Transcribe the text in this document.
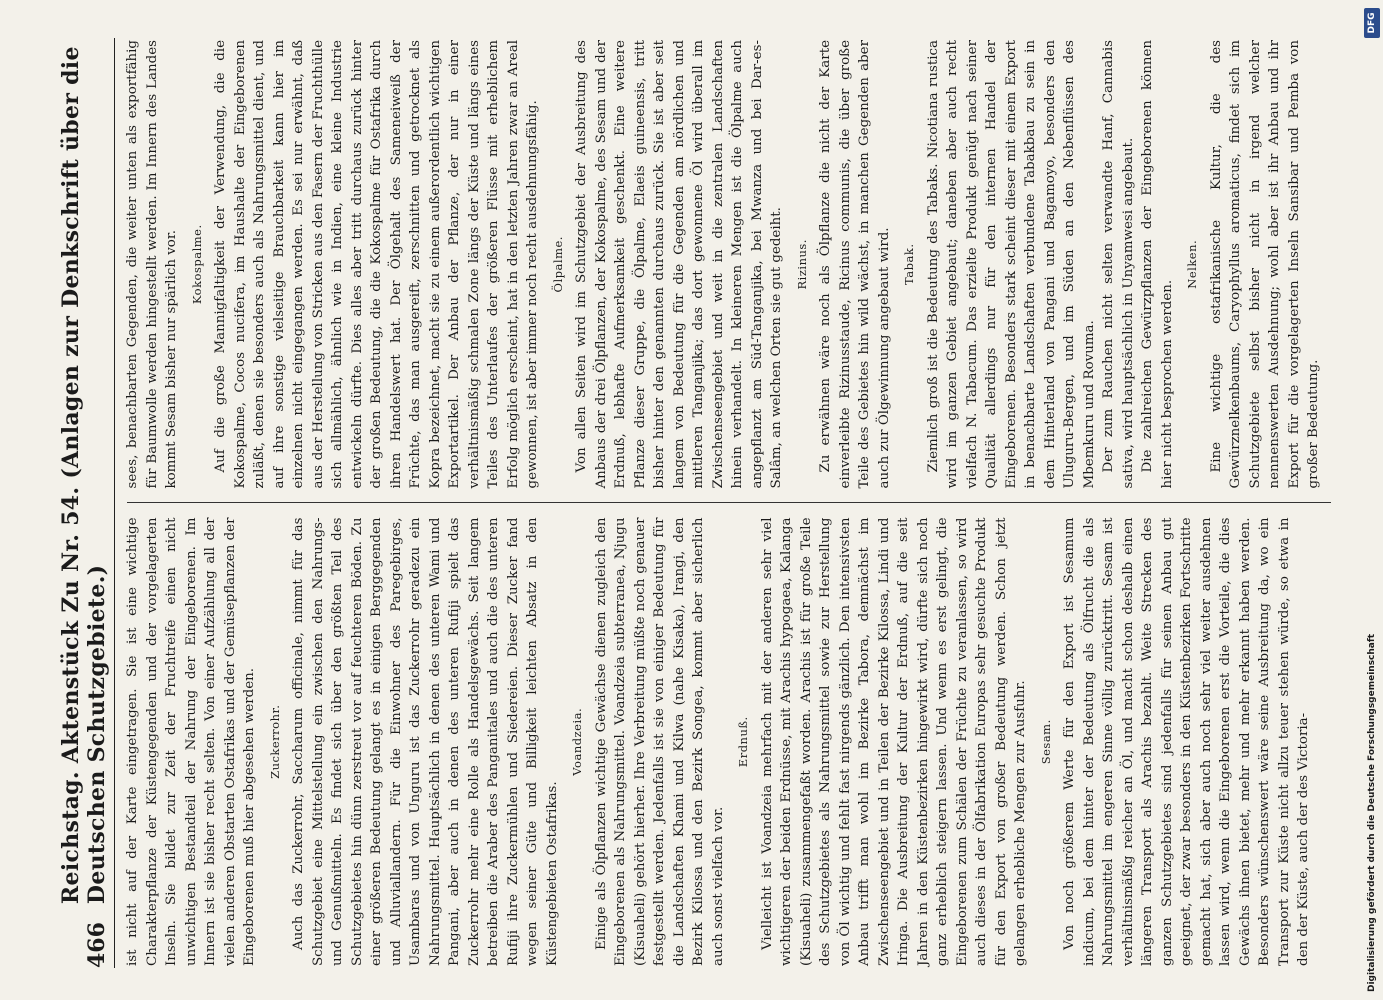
466
Reichstag. Aktenstück Zu Nr. 54. (Anlagen zur Denkschrift über die Deutschen Schutzgebiete.) ist nicht auf der Karte eingetragen. Sie ist eine wichtige Charakterpflanze der Küstengegenden und der vorgelagerten Inseln. Sie bildet zur Zeit der Fruchtreife einen nicht unwichtigen Bestandteil der Nahrung der Eingeborenen. Im Innern ist sie bisher recht selten. Von einer Aufzählung all der vielen anderen Obstarten Ostafrikas und der Gemüsepflanzen der Eingeborenen muß hier abgesehen werden. Zuckerrohr. Auch das Zuckerrohr, Saccharum officinale, nimmt für das Schutzgebiet eine Mittelstellung ein zwischen den Nahrungs- und Genußmitteln. Es findet sich über den größten Teil des Schutzgebietes hin dünn zerstreut vor auf feuchteren Böden. Zu einer größeren Bedeutung gelangt es in einigen Berggegenden und Alluviallandern. Für die Einwohner des Paregebirges, Usambaras und von Unguru ist das Zuckerrohr geradezu ein Nahrungsmittel. Hauptsächlich in denen des unteren Wami und Pangani, aber auch in denen des unteren Rufiji spielt das Zuckerrohr mehr eine Rolle als Handelsgewächs. Seit langem betreiben die Araber des Panganitales und auch die des unteren Rufiji ihre Zuckermühlen und Siedereien. Dieser Zucker fand wegen seiner Güte und Billigkeit leichten Absatz in den Küstengebieten Ostafrikas.

Voandzeia. Einige als Ölpflanzen wichtige Gewächse dienen zugleich den Eingeborenen als Nahrungsmittel. Voandzeia subterranea, Njugu (Kisuaheli) gehört hierher. Ihre Verbreitung müßte noch genauer festgestellt werden. Jedenfalls ist sie von einiger Bedeutung für die Landschaften Khami und Kilwa (nahe Kisaka), Irangi, den Bezirk Kilossa und den Bezirk Songea, kommt aber sicherlich auch sonst vielfach vor.

Erdnuß. Vielleicht ist Voandzeia mehrfach mit der anderen sehr viel wichtigeren der beiden Erdnüsse, mit Arachis hypogaea, Kalanga (Kisuaheli) zusammengefaßt worden. Arachis ist für große Teile des Schutzgebietes als Nahrungsmittel sowie zur Herstellung von Öl wichtig und fehlt fast nirgends gänzlich. Den intensivsten Anbau trifft man wohl im Bezirke Tabora, demnächst im Zwischenseengebiet und in Teilen der Bezirke Kilossa, Lindi und Iringa. Die Ausbreitung der Kultur der Erdnuß, auf die seit Jahren in den Küstenbezirken hingewirkt wird, dürfte sich noch ganz erheblich steigern lassen. Und wenn es erst gelingt, die Eingeborenen zum Schälen der Früchte zu veranlassen, so wird auch dieses in der Ölfabrikation Europas sehr gesuchte Produkt für den Export von großer Bedeutung werden. Schon jetzt gelangen erhebliche Mengen zur Ausfuhr. Sesam. Von noch größerem Werte für den Export ist Sesamum indicum, bei dem hinter der Bedeutung als Ölfrucht die als Nahrungsmittel im engeren Sinne völlig zurücktritt. Sesam ist verhältnismäßig reicher an Öl, und macht schon deshalb einen längeren Transport als Arachis bezahlt. Weite Strecken des ganzen Schutzgebietes sind jedenfalls für seinen Anbau gut geeignet, der zwar besonders in den Küstenbezirken Fortschritte gemacht hat, sich aber auch noch sehr viel weiter ausdehnen lassen wird, wenn die Eingeborenen erst die Vorteile, die dies Gewächs ihnen bietet, mehr und mehr erkannt haben werden. Besonders wünschenswert wäre seine Ausbreitung da, wo ein Transport zur Küste nicht allzu teuer stehen würde, so etwa in den der Küste, auch der des Victoria-

sees, benachbarten Gegenden, die weiter unten als exportfähig für Baumwolle werden hingestellt werden. Im Innern des Landes kommt Sesam bisher nur spärlich vor. Kokospalme. Auf die große Mannigfaltigkeit der Verwendung, die die Kokospalme, Cocos nucifera, im Haushalte der Eingeborenen zuläßt, denen sie besonders auch als Nahrungsmittel dient, und auf ihre sonstige vielseitige Brauchbarkeit kann hier im einzelnen nicht eingegangen werden. Es sei nur erwähnt, daß aus der Herstellung von Stricken aus den Fasern der Fruchthülle sich allmählich, ähnlich wie in Indien, eine kleine Industrie entwickeln dürfte. Dies alles aber tritt durchaus zurück hinter der großen Bedeutung, die die Kokospalme für Ostafrika durch ihren Handelswert hat. Der Ölgehalt des Sameneiweiß der Früchte, das man ausgereift, zerschnitten und getrocknet als Kopra bezeichnet, macht sie zu einem außerordentlich wichtigen Exportartikel. Der Anbau der Pflanze, der nur in einer verhältnismäßig schmalen Zone längs der Küste und längs eines Teiles des Unterlaufes der größeren Flüsse mit erheblichem Erfolg möglich erscheint, hat in den letzten Jahren zwar an Areal gewonnen, ist aber immer noch recht ausdehnungsfähig. Ölpalme. Von allen Seiten wird im Schutzgebiet der Ausbreitung des Anbaus der drei Ölpflanzen, der Kokospalme, des Sesam und der Erdnuß, lebhafte Aufmerksamkeit geschenkt. Eine weitere Pflanze dieser Gruppe, die Ölpalme, Elaeis guineensis, tritt bisher hinter den genannten durchaus zurück. Sie ist aber seit langem von Bedeutung für die Gegenden am nördlichen und mittleren Tanganjika; das dort gewonnene Öl wird überall im Zwischenseengebiet und weit in die zentralen Landschaften hinein verhandelt. In kleineren Mengen ist die Ölpalme auch angepflanzt am Süd-Tanganjika, bei Mwanza und bei Dar-es-Salâm, an welchen Orten sie gut gedeiht. Rizinus. Zu erwähnen wäre noch als Ölpflanze die nicht der Karte einverleibte Rizinusstaude, Ricinus communis, die über große Teile des Gebietes hin wild wächst, in manchen Gegenden aber auch zur Ölgewinnung angebaut wird. Tabak. Ziemlich groß ist die Bedeutung des Tabaks. Nicotiana rustica wird im ganzen Gebiet angebaut; daneben aber auch recht vielfach N. Tabacum. Das erzielte Produkt genügt nach seiner Qualität allerdings nur für den internen Handel der Eingeborenen. Besonders stark scheint dieser mit einem Export in benachbarte Landschaften verbundene Tabakbau zu sein in dem Hinterland von Pangani und Bagamoyo, besonders den Uluguru-Bergen, und im Süden an den Nebenflüssen des Mbemkuru und Rovuma. Der zum Rauchen nicht selten verwandte Hanf, Cannabis sativa, wird hauptsächlich in Unyamwesi angebaut. Die zahlreichen Gewürzpflanzen der Eingeborenen können hier nicht besprochen werden.

Nelken. Eine wichtige ostafrikanische Kultur, die des Gewürznelkenbaums, Caryophyllus aromaticus, findet sich im Schutzgebiete selbst bisher nicht in irgend welcher nennenswerten Ausdehnung; wohl aber ist ihr Anbau und ihr Export für die vorgelagerten Inseln Sansibar und Pemba von großer Bedeutung.

Digitalisierung gefördert durch die Deutsche Forschungsgemeinschaft
DFG
